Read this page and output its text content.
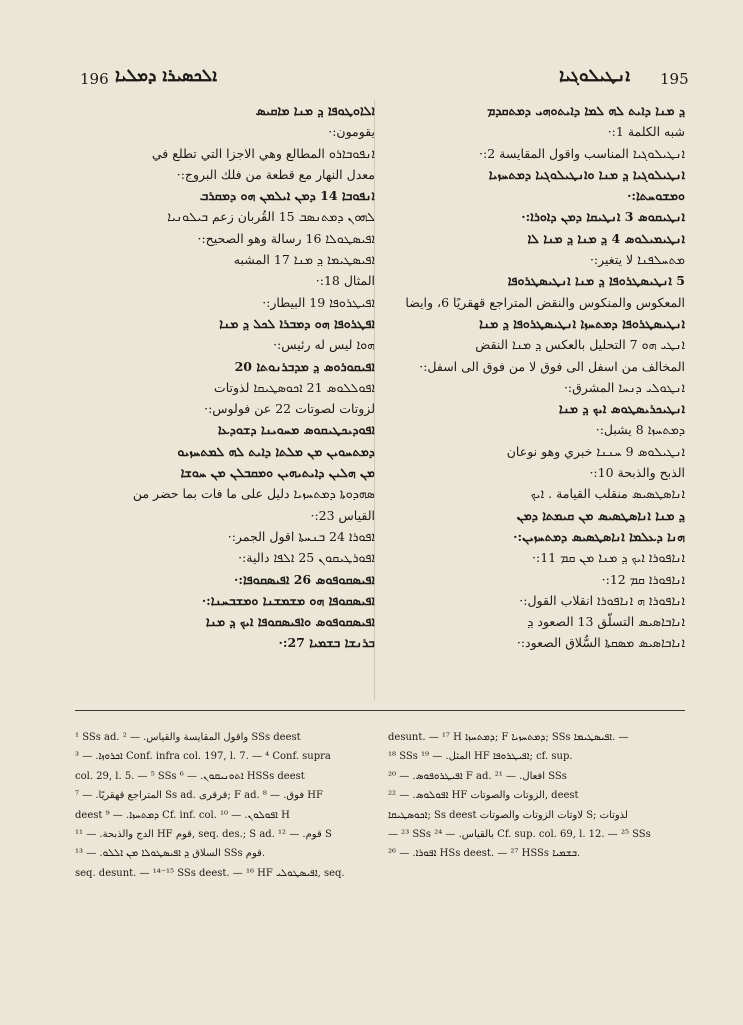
196 ܐܠܟܣܝܪܐ ܕܡܠܝܐ	ܐܢܛܝܠܘܓܝܐ 195
ܐܠܐܘܛܘܦܐ ܕ݂ ܡܢܐ ܡܐܩܝܣ
يقومون:·
ܐܢܦܘܒܐܪܘ المطالع وهي الاجزا التي تطلع في
معدل النهار مع قطعة من فلك البروج:·
ܐܢܦܘܒܐ 14 ܕܡܢ ܐܝܠܡܢ ܗܘ ܕܡܩܪܒ
ܠܗܘܢ ܕܡܬܢܣܒ 15 القُربان زعم ܒܝܠܘܢܝܐ
ܐܦܝܣܛܘܠܐ 16 رسالة وهو الصحيح:·
ܐܦܝܣܛܝܡܐ ܕ݂ ܡܢܐ 17 المشبه
المثال 18:·
ܐܦܝܛܪܘܦܐ 19 البيطار:·
ܐܦܛܪܘܦܐ ܗܘ ܕܡܒܪܐ ܠܟܠ ܕ݂ ܡܢܐ
ܗܘܐ ليس له رئيس:·
ܐܦܝܩܘܪܘܣ ܕ݂ ܡܕܒܪܢܘܬܐ 20
ܐܦܘܠܠܘܣ 21 ܐܟܘܣܛܝܩܐ لذوتات
لزوتات لصوتات 22 عن فولوس:·
ܐܦܘܕܝܟܛܝܩܘܣ ܡܚܘܝܢܐ ܕܫܘܕܥܐ
ܕܡܬܚܘܝܢ ܡܢ ܡܠܬܐ ܕܐܝܬ ܠܗ ܠܡܬܚܙܝܘ
ܡܢ ܗܠܝܢ ܕܐܝܬܝܗܝܢ ܘܡܩܒܠܢ ܡܢ ܚܘܫܐ
ܣܗܕܘܬܐ ܕܡܬܚܙܝܐ دليل على ما فات بما حضر من
القياس 23:·
ܐܦܘܪܐ 24 ܒܢܚܬܐ اقول الجمر:·
ܐܦܘܪܛܝܩܘܢ 25 ܐܠܦܐ دالية:·
ܐܦܝܣܩܘܦܘܣ 26 ܐܦܝܣܩܘܦܐ:·
ܐܦܝܣܩܘܦܐ ܗܘ ܡܫܡܫܢܐ ܘܡܫܒܚܢܐ:·
ܐܦܝܣܩܘܦܘܣ ܘܐܦܝܣܩܘܦܐ ܐܝܟ ܕ݂ ܡܢܐ
ܒܪܢܫܐ ܒܫܡܝܐ 27:·
ܕ݂ ܡܢܐ ܕܐܝܬ ܠܗ ܠܡܐ ܕܐܝܬܘܗܝ ܕܡܬܩܕܡ
شبه الكلمة 1:·
ܐܢܛܝܠܘܓܝܐ المناسب واقول المقايسة 2:·
ܐܢܛܝܠܘܓܝܐ ܕ݂ ܡܢܐ ܘܐܢܛܝܠܘܓܝܐ ܕܡܬܚܙܝܐ
ܘܡܫܘܚܬܐ:·
ܐܢܛܝܩܘܣ 3 ܐܢܛܝܩܐ ܕܡܢ ܕܐܘܪܐ:·
ܐܢܛܝܡܝܠܘܣ 4 ܕ݂ ܡܢܐ ܕ݂ ܡܢܐ ܠܐ
ܡܬܚܠܦܢܐ لا يتغير:·
5 ܐܢܛܝܣܛܪܘܦܐ ܕ݂ ܡܢܐ ܐܢܛܝܣܛܪܘܦܐ
المعكوس والمنكوس والنقض المتراجع قهقريًا 6، وايضا
ܐܢܛܝܣܛܪܘܦܐ ܕܡܬܚܙܐ ܐܢܛܝܣܛܪܘܦܐ ܕ݂ ܡܢܐ
ܐܢܛܝ ܗܘ 7 التحليل بالعكس ܕ݂ ܡܢܐ النقض
المخالف من اسفل الى فوق لا من فوق الى اسفل:·
ܐܢܛܘܠܝ ܕܢܚܐ المشرق:·
ܐܢܛܝܟܪܝܣܛܘܣ ܐܝܟ ܕ݂ ܡܢܐ
ܕܡܬܚܙܐ 8 يشبل:·
ܐܢܛܝܠܘܣ 9 ܚܢܢܐ خبري وهو نوعان
الذبح والذبحة 10:·
ܐܢܐܣܛܣܝܣ منقلب القيامة . ܐܝܟ
ܕ݂ ܡܢܐ ܐܢܐܣܛܣܝܣ ܡܢ ܩܝܡܬܐ ܕܡܢ
ܗܢܐ ܕܥܠܡܐ ܐܢܐܣܛܣܝܣ ܕܡܬܚܙܝܢ:·
ܐܢܐܦܘܪܐ ܐܝܟ ܕ݂ ܡܢܐ ܡܢ ܩܡ 11:·
ܐܢܐܦܘܪܐ ܩܡ 12:·
ܐܢܐܦܘܪܐ ܗ ܐܢܐܦܘܪܐ انقلاب القول:·
ܐܢܐܒܐܣܝܣ التسلّق 13 الصعود ܕ݂
ܐܢܐܒܐܣܝܣ ܡܣܩܬܐ السُّلاق الصعود:·
¹ SSs ad. واقول المقايسة والقياس. — ² SSs deest
ܐܟܪܘܙܐ. — ³ Conf. infra col. 197, l. 7. — ⁴ Conf. supra
col. 29, l. 5. — ⁵ SSs ܐܬܘܢܝܩܘܢ. — ⁶ HSSs deest
المتراجع قهقريًا. — ⁷ Ss ad. قرقرى; F ad. فوق. — ⁸ HF
deest ܕܡܬܚܙܐ. — ⁹ Cf. inf. col. ܐܦܘܠܘܢ. — ¹⁰ H
الدج والذبحة. — ¹¹ HF قوم, seq. des.; S ad. قوم. — ¹² S
السلاق ܕ݂ ܐܦܝܣܛܘܠܐ ܡܢ ܐܠܠܘ. — ¹³ SSs قوم.
seq. desunt. — ¹⁴⁻¹⁵ SSs deest. — ¹⁶ HF ܐܦܝܣܛܘܠܝ, seq.
desunt. — ¹⁷ H ܕܡܬܚܙܐ; F ܕܡܬܚܙܝܐ; SSs ܐܦܝܣܛܝܡܐ. —
¹⁸ SSs المثل. — ¹⁹ HF ܐܦܝܛܪܘܦܐ; cf. sup.
ܐܦܝܛܪܘܦܘܣ. — ²⁰ F ad. افعال. — ²¹ SSs
ܐܦܘܠܘܣ. — ²² HF الزوتات والصوتات, deest
ܐܟܘܣܛܝܩܐ; Ss deest لاوتات الزوتات والصوتات S; لذوتات
— ²³ SSs بالقياس. — ²⁴ Cf. sup. col. 69, l. 12. — ²⁵ SSs
ܐܦܘܪܐ. — ²⁶ HSs deest. — ²⁷ HSSs ܒܫܡܝܐ.
